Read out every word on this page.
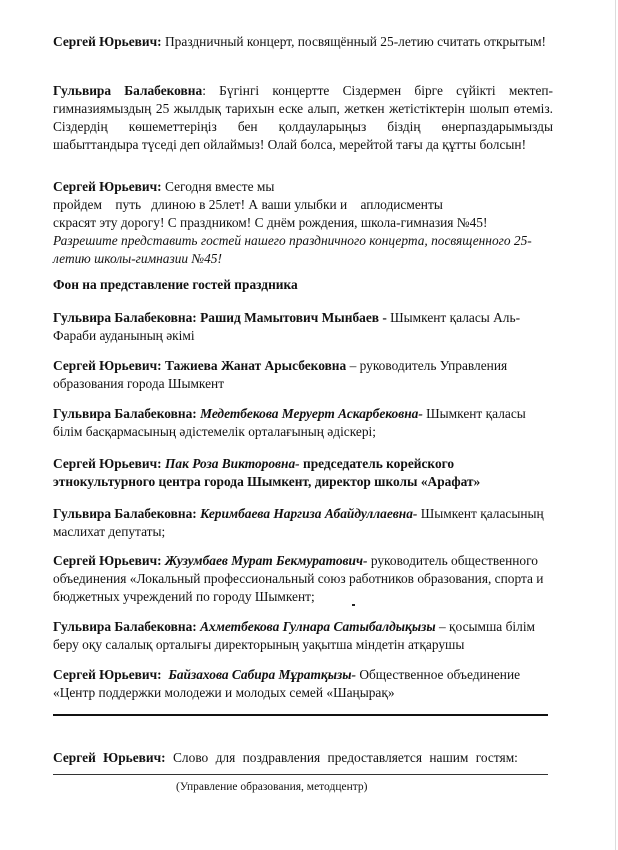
Сергей Юрьевич: Праздничный концерт, посвящённый 25-летию считать открытым!

Гульвира Балабековна: Бүгінгі концертте Сіздермен бірге сүйікті мектеп-гимназиямыздың 25 жылдық тарихын еске алып, жеткен жетістіктерін шолып өтеміз. Сіздердің көшеметтеріңіз бен қолдауларыңыз біздің өнерпаздарымызды шабыттандыра түседі деп ойлаймыз! Олай болса, мерейтой тағы да құтты болсын!

Сергей Юрьевич: Сегодня вместе мы
пройдем    путь   длиною в 25лет! А ваши улыбки и    аплодисменты
скрасят эту дорогу! С праздником! С днём рождения, школа-гимназия №45!
Разрешите представить гостей нашего праздничного концерта, посвященного 25-летию школы-гимназии №45!

Фон на представление гостей праздника

Гульвира Балабековна: Рашид Мамытович Мынбаев - Шымкент қаласы Аль-Фараби ауданының әкімі

Сергей Юрьевич: Тажиева Жанат Арысбековна – руководитель Управления образования города Шымкент

Гульвира Балабековна: Медетбекова Меруерт Аскарбековна- Шымкент қаласы білім басқармасының әдістемелік орталағының әдіскері;

Сергей Юрьевич: Пак Роза Викторовна- председатель корейского этнокультурного центра города Шымкент, директор школы «Арафат»

Гульвира Балабековна: Керимбаева Наргиза Абайдуллаевна- Шымкент қаласының маслихат депутаты;

Сергей Юрьевич: Жузумбаев Мурат Бекмуратович- руководитель общественного объединения «Локальный профессиональный союз работников образования, спорта и бюджетных учреждений по городу Шымкент;

Гульвира Балабековна: Ахметбекова Гулнара Сатыбалдықызы – қосымша білім беру оқу салалық орталығы директорының уақытша міндетін атқарушы

Сергей Юрьевич:  Байзахова Сабира Мұратқызы- Общественное объединение «Центр поддержки молодежи и молодых семей «Шаңырақ»

Сергей Юрьевич: Слово для поздравления предоставляется нашим гостям:

(Управление образования, методцентр)
